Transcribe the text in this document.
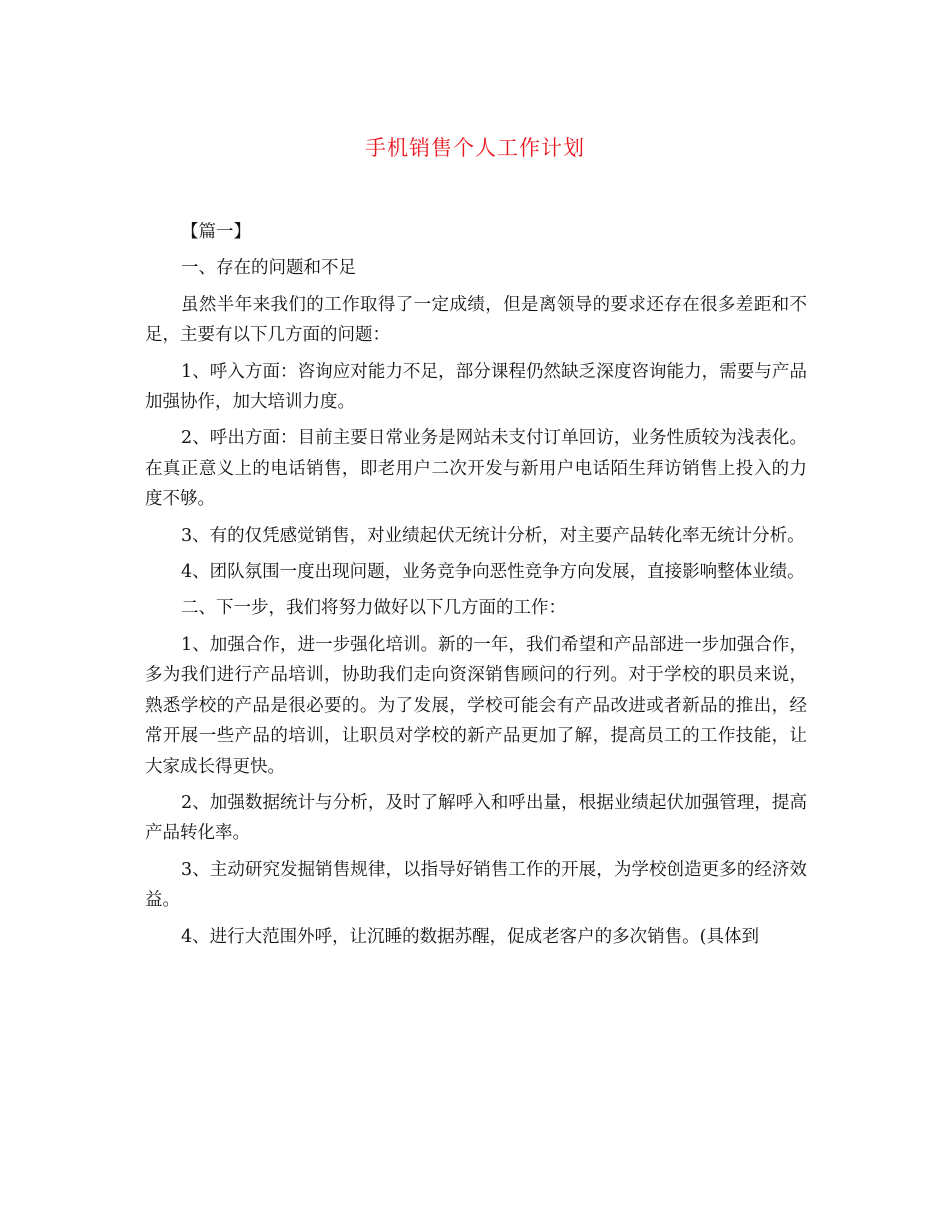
手机销售个人工作计划

【篇一】

一、存在的问题和不足

虽然半年来我们的工作取得了一定成绩，但是离领导的要求还存在很多差距和不足，主要有以下几方面的问题：

1、呼入方面：咨询应对能力不足，部分课程仍然缺乏深度咨询能力，需要与产品加强协作，加大培训力度。

2、呼出方面：目前主要日常业务是网站未支付订单回访，业务性质较为浅表化。在真正意义上的电话销售，即老用户二次开发与新用户电话陌生拜访销售上投入的力度不够。

3、有的仅凭感觉销售，对业绩起伏无统计分析，对主要产品转化率无统计分析。

4、团队氛围一度出现问题，业务竞争向恶性竞争方向发展，直接影响整体业绩。

二、下一步，我们将努力做好以下几方面的工作：

1、加强合作，进一步强化培训。新的一年，我们希望和产品部进一步加强合作，多为我们进行产品培训，协助我们走向资深销售顾问的行列。对于学校的职员来说，熟悉学校的产品是很必要的。为了发展，学校可能会有产品改进或者新品的推出，经常开展一些产品的培训，让职员对学校的新产品更加了解，提高员工的工作技能，让大家成长得更快。

2、加强数据统计与分析，及时了解呼入和呼出量，根据业绩起伏加强管理，提高产品转化率。

3、主动研究发掘销售规律，以指导好销售工作的开展，为学校创造更多的经济效益。

4、进行大范围外呼，让沉睡的数据苏醒，促成老客户的多次销售。(具体到
